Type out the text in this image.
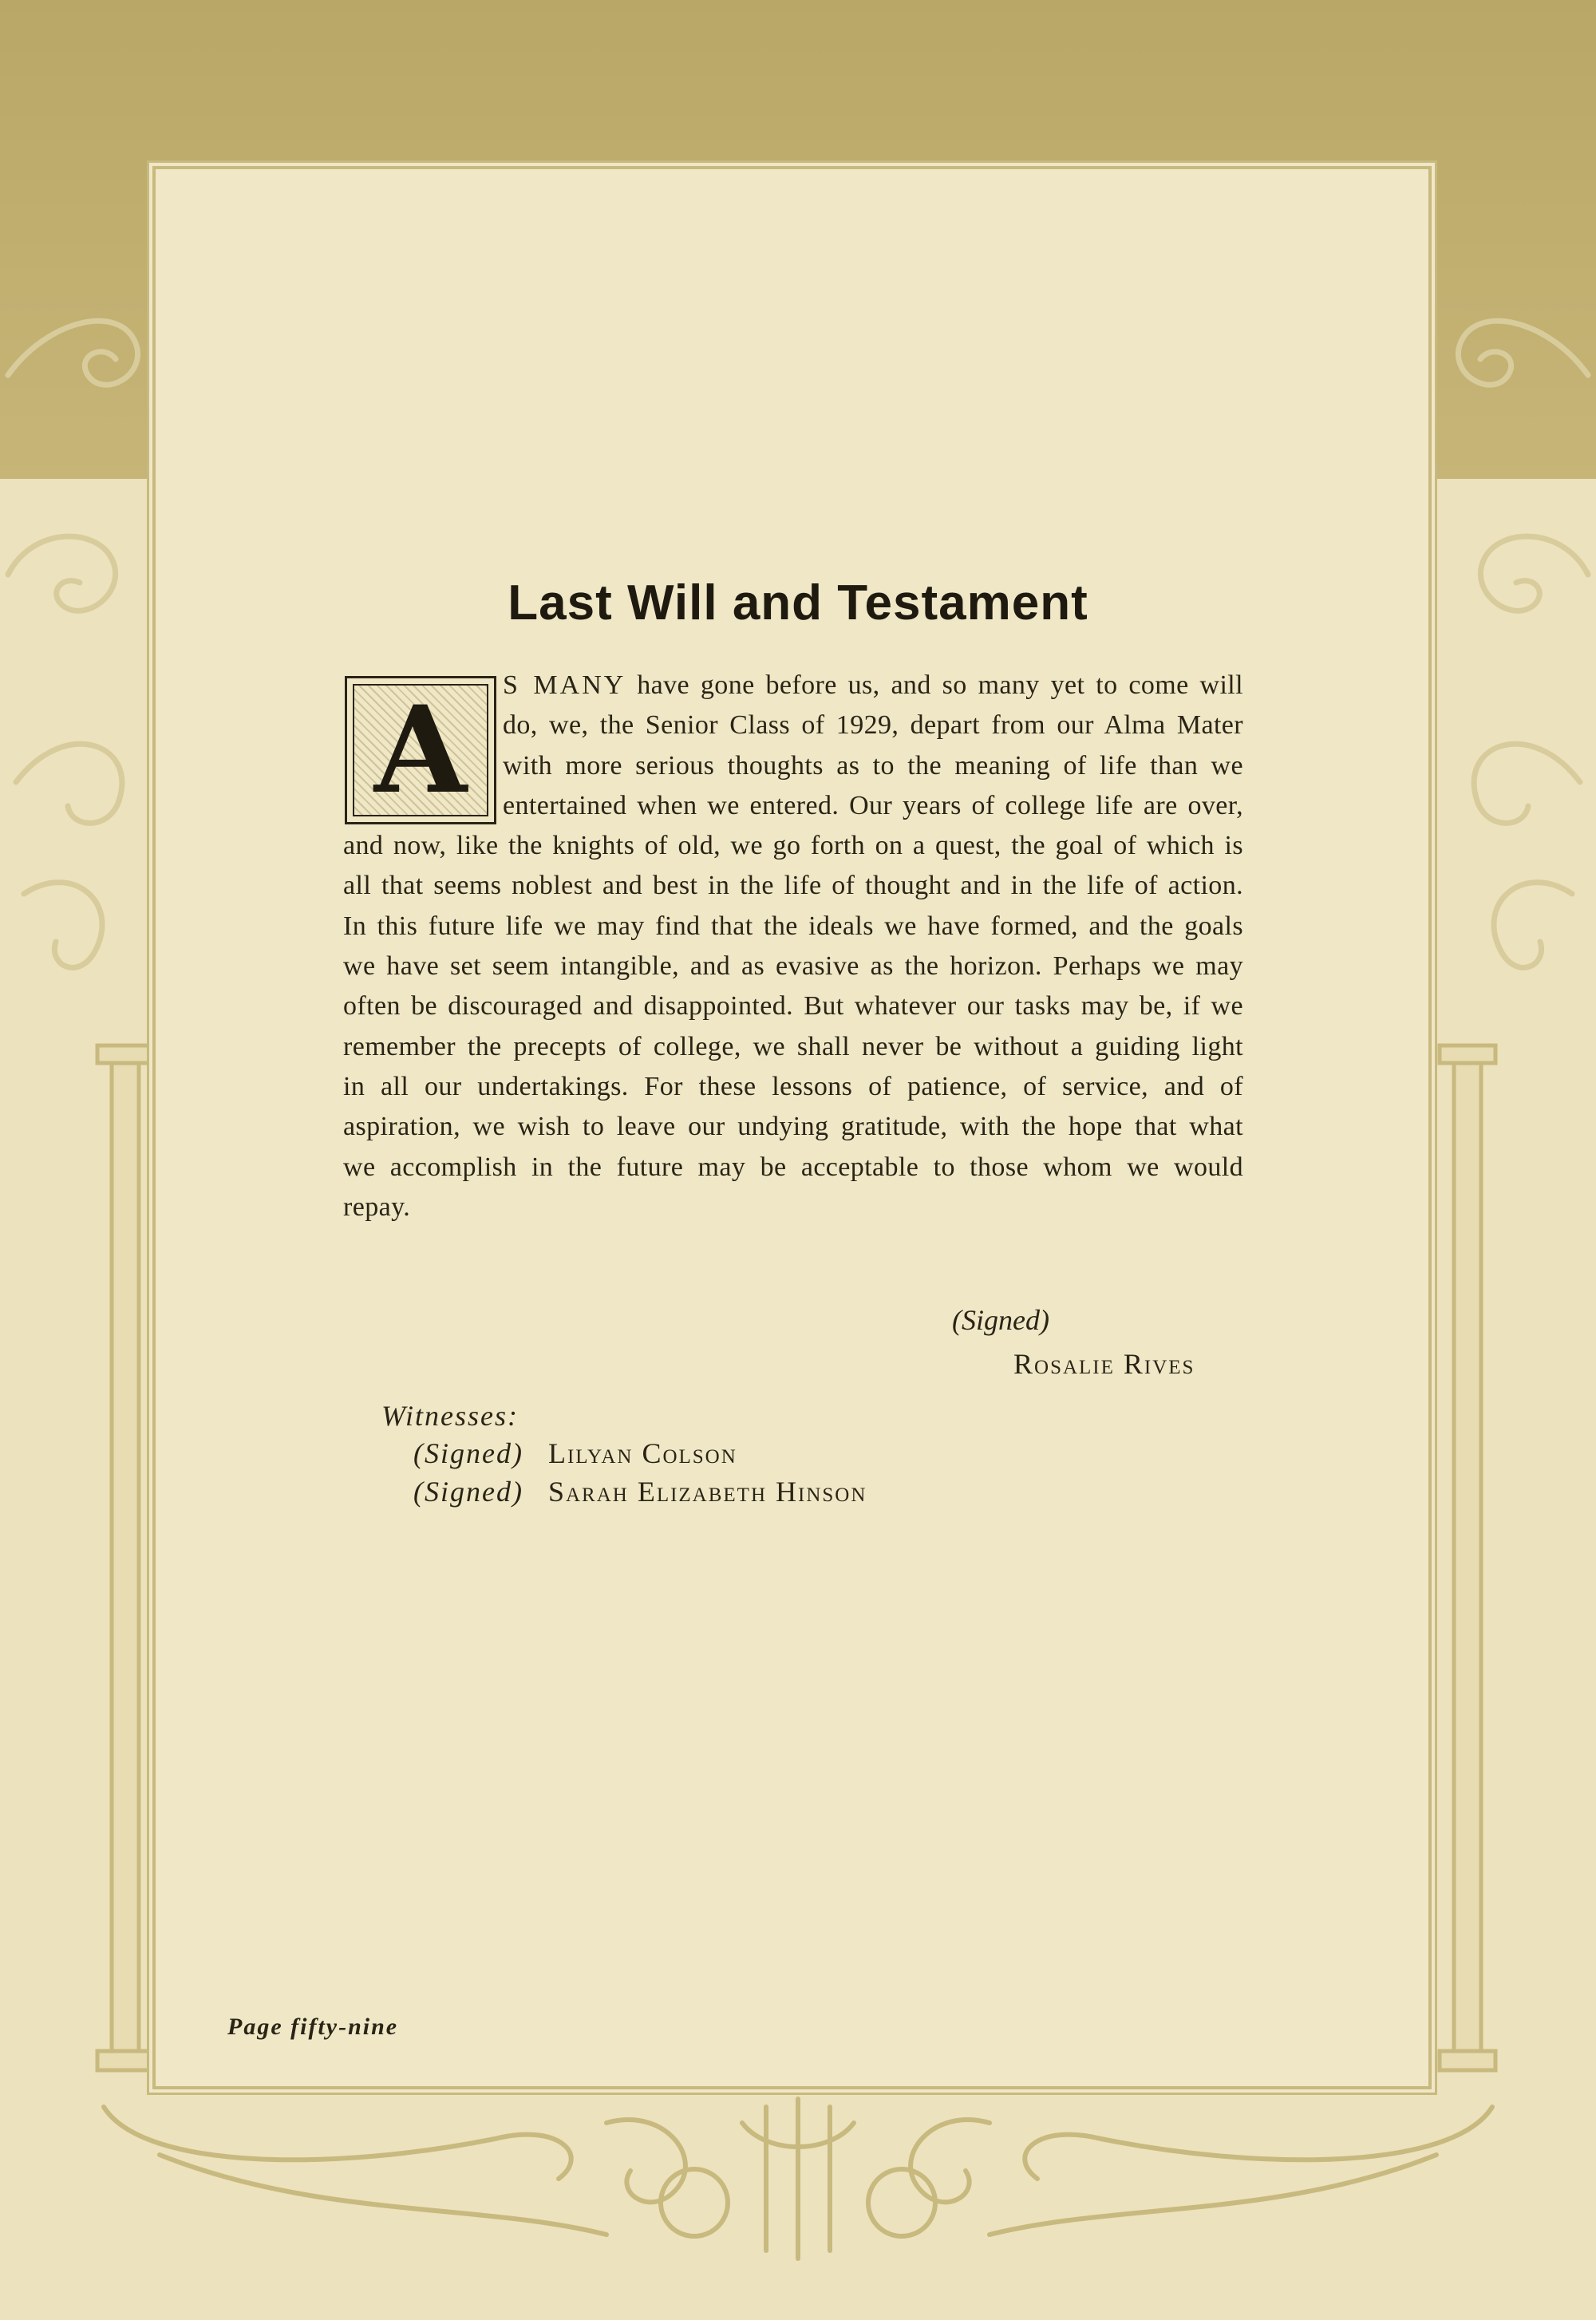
Last Will and Testament
A	S MANY have gone before us, and so many yet to come will do, we, the Senior Class of 1929, depart from our Alma Mater with more serious thoughts as to the meaning of life than we entertained when we entered. Our years of college life are over, and now, like the knights of old, we go forth on a quest, the goal of which is all that seems noblest and best in the life of thought and in the life of action. In this future life we may find that the ideals we have formed, and the goals we have set seem intangible, and as evasive as the horizon. Perhaps we may often be discouraged and disappointed. But whatever our tasks may be, if we remember the precepts of college, we shall never be without a guiding light in all our undertakings. For these lessons of patience, of service, and of aspiration, we wish to leave our undying gratitude, with the hope that what we accomplish in the future may be acceptable to those whom we would repay.
(Signed)
Rosalie Rives
Witnesses:
(Signed) Lilyan Colson
(Signed) Sarah Elizabeth Hinson
Page fifty-nine
